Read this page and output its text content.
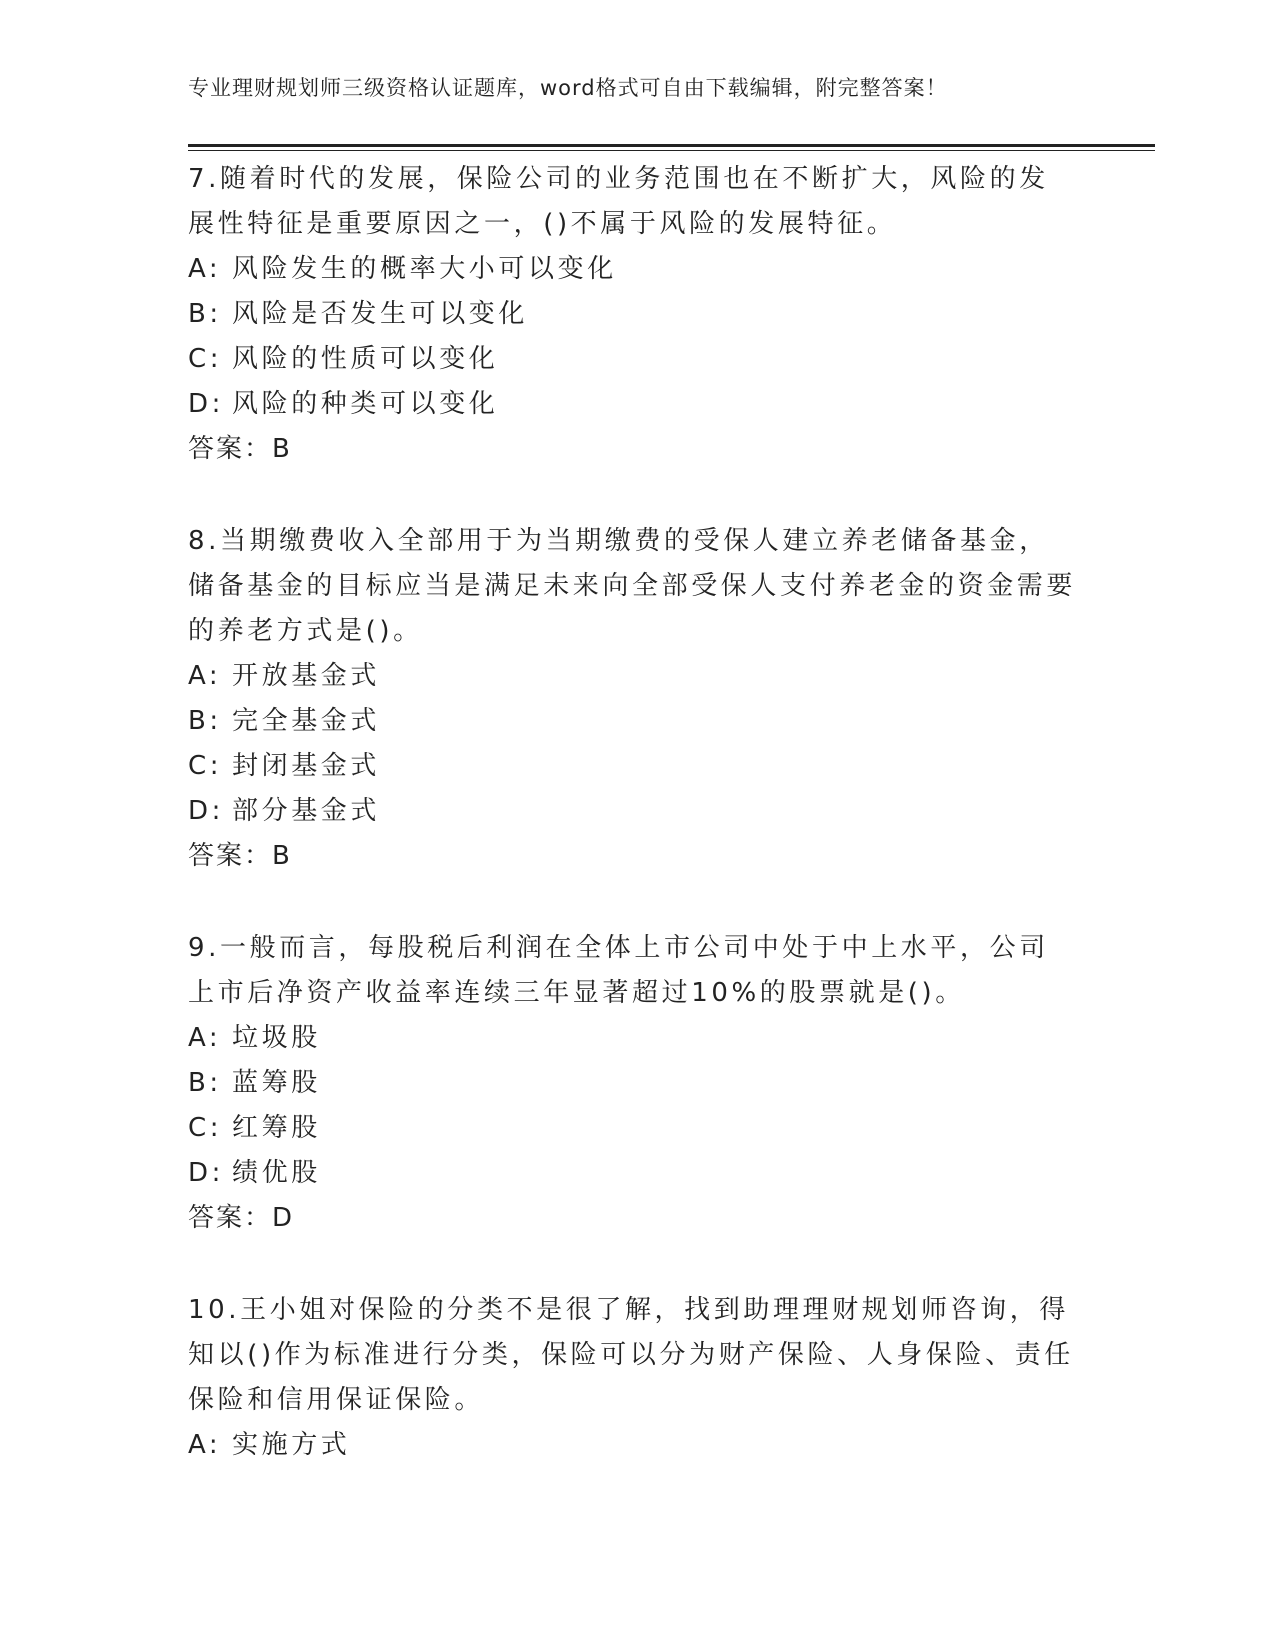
专业理财规划师三级资格认证题库，word格式可自由下载编辑，附完整答案！

7.随着时代的发展，保险公司的业务范围也在不断扩大，风险的发展性特征是重要原因之一，()不属于风险的发展特征。

A: 风险发生的概率大小可以变化

B: 风险是否发生可以变化

C: 风险的性质可以变化

D: 风险的种类可以变化

答案：B

8.当期缴费收入全部用于为当期缴费的受保人建立养老储备基金，储备基金的目标应当是满足未来向全部受保人支付养老金的资金需要的养老方式是()。

A: 开放基金式

B: 完全基金式

C: 封闭基金式

D: 部分基金式

答案：B

9.一般而言，每股税后利润在全体上市公司中处于中上水平，公司上市后净资产收益率连续三年显著超过10%的股票就是()。

A: 垃圾股

B: 蓝筹股

C: 红筹股

D: 绩优股

答案：D

10.王小姐对保险的分类不是很了解，找到助理理财规划师咨询，得知以()作为标准进行分类，保险可以分为财产保险、人身保险、责任保险和信用保证保险。

A: 实施方式
